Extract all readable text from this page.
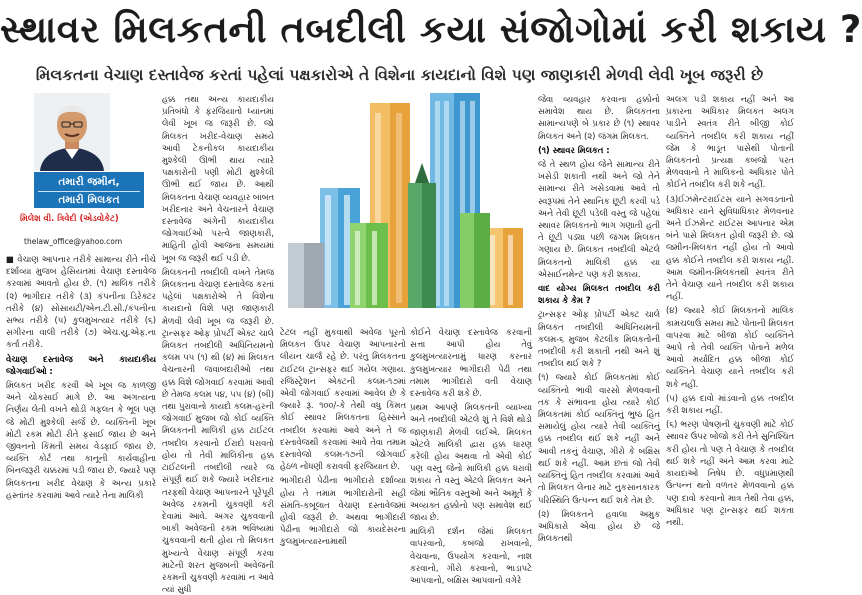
સ્થાવર મિલકતની તબદીલી કયા સંજોગોમાં કરી શકાય ?
મિલકતના વેચાણ દસ્તાવેજ કરતાં પહેલાં પક્ષકારોએ તે વિશેના કાયદાનો વિશે પણ જાણકારી મેળવી લેવી ખૂબ જરૂરી છે
તમારી જમીન,
તમારી મિલકત
મિલેશ વી. ત્રિવેદી (એડવોકેટ)
thelaw_office@yahoo.com

■ વેચાણ આપનાર તરીકે સામાન્ય રીતે નીચે દર્શાવ્યા મુજબ હેસિયતમાં વેચાણ દસ્તાવેજ કરવામાં આવતો હોય છે. (૧) માલિક તરીકે (૨) ભાગીદાર તરીકે (૩) કંપનીના ડિરેક્ટર તરીકે (૪) સોસાયટી/એન.ટી.સી./કંપનીના સભ્ય તરીકે (૫) કુલમુખત્યાર તરીકે (૬) સગીરના વાલી તરીકે (૭) એચ.યુ.એફ.ના કર્તા તરીકે.

વેચાણ દસ્તાવેજ અને કાયદાકીય જોગવાઈઓ :

મિલકત ખરીદ કરવી એ ખૂબ જ કાળજી અને ચોકસાઈ માગે છે. આ અગત્યના નિર્ણય લેતી વખતે થોડી ગફલત કે ભૂલ પણ જે મોટી મુશ્કેલી સર્જે છે. વ્યક્તિની ખૂબ મોટી રકમ મોટી રીતે ફસાઈ જાય છે અને જીવનનો કિંમતી સમય વેડફાઈ જાય છે. વ્યક્તિ કોર્ટ તથા કાનૂની કાર્યવાહીના બિનજરૂરી ચક્કરમાં પડી જાય છે. જ્યારે પણ મિલકતના ખરીદ વેચાણ કે અન્ય પ્રકારે હસ્તાંતર કરવામાં આવે ત્યારે તેના માલિકી

હક્ક તથા અન્ય કાયદાકીય પ્રતિબંધો કે ફરજિયાતો ધ્યાનમાં લેવી ખૂબ જ જરૂરી છે. જો મિલકત ખરીદ-વેચાણ સમયે આવી ટેકનીકલ કાયદાકીય મુશ્કેલી ઊભી થાય ત્યારે પક્ષકારોની પણી મોટી મુશ્કેલી ઊભી થઈ જાય છે. આથી મિલકતના વેચાણ વ્યવહાર બાબત ખરીદનાર અને વેચનારને વેચાણ દસ્તાવેજ અંગેની કાયદાકીય જોગવાઈઓ પરત્વે જાણકારી, માહિતી હોવી આજના સમયમાં ખૂબ જ જરૂરી થઈ પડી છે.

મિલકતની તબદીલી વખતે તેમજ મિલકતના વેચાણ દસ્તાવેજ કરતાં પહેલાં પક્ષકારોએ તે વિશેના કાયદાનો વિશે પણ જાણકારી મેળવી લેવી ખૂબ જ જરૂરી છે. ટ્રાન્સફર ઓફ પ્રોપર્ટી એક્ટ ચાલે મિલકત તબદીલી અધિનિયમનો કલમ ૫૫ (૧) થી (૪) માં મિલકત વેચનારની જવાબદારીઓ તથા હક્ક વિશે જોગવાઈ કરવામાં આવી છે તેમજ કલમ ૫૪, ૫૫ (૪) (બી) તથા પુરાવાનો કાયદો કલમ-હરની જોગવાઈ મુજબ જો કોઈ વ્યક્તિ મિલકતની માલિકી હક્ક ટાઈટલ તબદીલ કરવાનો ઈરાદો ધરાવતો હોય તો તેવી માલિકીના હક્ક ટાઈટલની તબદીલી ત્યારે જ સંપૂર્ણ થઈ શકે જ્યારે ખરીદનાર તરફથી વેચાણ આપનારને પૂરેપૂરી અવેજ રકમની ચુકવણી કરી દેવામાં આવે. અગર ચુકવવાની બાકી અવેજની રકમ ભવિષ્યમાં ચુકવવાની થતી હોય તો મિલકત મુખ્યત્વે વેચાણ સંપૂર્ણ કરવા માટેની શરત મુજબની અવેજની રકમની ચુકવણી કરવામાં ન આવે ત્યાં સુધી

ટેટલ નહીં મુકવાથી અવેજ પૂરતો મિલકત ઉપર વેચાણ આપનારનો લીયન ચાર્જ રહે છે. પરંતુ મિલકતના ટાઈટલ ટ્રાન્સફર થઈ ગયેલ ગણાય. રજિસ્ટ્રેશન એક્ટની કલમ-૧૭માં એવી જોગવાઈ કરવામાં આવેલ છે કે જ્યારે રૂ. ૧૦૦/-કે તેથી વધુ કિંમત કોઈ સ્થાવર મિલકતના હિસ્સાને તબદીલ કરવામાં આવે અને તે જ દસ્તાવેજથી કરવામાં આવે તેવા તમામ દસ્તાવેજો કલમ-૧૭ની જોગવાઈ હેઠળ નોંધણી કરાવવી ફરજિયાત છે.

ભાગીદારી પેઢીના ભાગીદારો દર્શાવ્યા હોય તે તમામ ભાગીદારોની સહી સંમતિ-કબૂલાત વેચાણ દસ્તાવેજમાં હોવી જરૂરી છે. અથવા ભાગીદારી પેઢીના ભાગીદારો જો કાયદેસરના કુલમુખત્યારનામાથી

કોઈને વેચાણ દસ્તાવેજ કરવાની સત્તા આપી હોય તેવું કુલમુખત્યારનામું ધારણ કરનાર કુલમુખત્યાર ભાગીદારી પેઢી તથા તમામ ભાગીદારો વતી વેચાણ દસ્તાવેજ કરી શકે છે.

પ્રથમ આપણે મિલકતની વ્યાખ્યા અને તબદીલી એટલે શું તે વિશે થોડો જાણકારી મેળવી લઈએ. મિલકત એટલે માલિકી દ્વારા હક્ક ધારણ કરેલી હોય અથવા તો એવી કોઈ પણ વસ્તુ જેનો માલિકી હક્ક ધરાવી શકાય તે વસ્તુ એટલે મિલકત અને જેમાં ભૌતિક વસ્તુઓ અને અમૂર્ત કે અવ્યક્ત હક્કોનો પણ સમાવેશ થઈ જાય છે.

માલિકી દર્શન જેમાં મિલકત વાપરવાનો, કબજો રાખવાનો, વેચવાના, ઉપયોગ કરવાનો, નાશ કરવાનો, ગીરો કરવાનો, ભાડાપટે આપવાનો, બક્ષિસ આપવાનો વગેરે

જેવા વ્યવહાર કરવાના હક્કોનો સમાવેશ થાય છે. મિલકતના સામાન્યપણે બે પ્રકાર છે (૧) સ્થાવર મિલકત અને (૨) જંગમ મિલકત.

(૧) સ્થાવર મિલકત :

જે તે સ્થળ હોય જેને સામાન્ય રીતે ખસેડી શકાતી નથી અને જો તેને સામાન્ય રીતે ખસેડવામાં આવે તો સ્વરૂપમાં તેને સ્થાનિક છૂટી કરવી પડે અને તેવી છૂટી પડેલી વસ્તુ જે પહેલાં સ્થાવર મિલકતનો ભાગ ગણાતી હતી તે છૂટી પડ્યા પછી જંગમ મિલકત ગણાય છે. મિલકત તબદીલી એટલે મિલકતનો માલિકી હક્ક યા એસાઈનમેન્ટ પણ કરી શકાય.

વાદ યોગ્ય મિલકત તબદીલ કરી શકાય કે કેમ ?

ટ્રાન્સફર ઓફ પ્રોપર્ટી એક્ટ ચાલે મિલકત તબદીલી અધિનિયમની કલમ-૬ મુજબ કેટલીક મિલકતોની તબદીલી કરી શકાતી નથી અને શું તબદીલ થઈ શકે ?

(૧) જ્યારે કોઈ મિલકતમાં કોઈ વ્યક્તિનો ભાવી વારસો મેળવવાની તક કે સંભાવના હોય ત્યારે કોઈ મિલકતમાં કોઈ વ્યક્તિનું ભુષ્ઠ હિત સમાયેલું હોય ત્યારે તેવી વ્યક્તિનું હક્ક તબદીલ થઈ શકે નહીં અને આવી તકનું વેચાણ, ગીરો કે બક્ષિસ થઈ શકે નહીં. આમ છતાં જો તેવી વ્યક્તિનું હિત તબદીલ કરવામાં આવે તો મિલકત લેનાર માટે નુકસાનકારક પરિસ્થિતિ ઉત્પન્ન થઈ શકે તેમ છે.

(૨) મિલકતને હવાલા અમુક અધિકારો એવા હોય છે જે મિલકતથી

અલગ પડી શકાય નહીં અને આ પ્રકારના અધિકાર મિલકત અલગ પાડીને સ્વતંત્ર રીતે બીજી કોઈ વ્યક્તિને તબદીલ કરી શકાય નહીં જેમ કે ભાડૂત પાસેથી પોતાની મિલકતનો પ્રત્યક્ષ કબજો પરત મેળવવાનો તે માલિકનો અધિકાર પોતે કોઈને તબદીલ કરી શકે નહીં.

(૩)ઈઝમેન્ટરાઈટસ યાને સગવડતાનો અધિકાર યાને સુવિધાધિકાર મેળવનાર અને ઈઝમેન્ટ રાઈટસ આપનાર એમ બંને પાસે મિલકત હોવી જરૂરી છે. જો જમીન-મિલકત નહીં હોય તો આવો હક્ક કોઈને તબદીલ કરી શકાય નહીં. આમ જમીન-મિલકતથી સ્વતંત્ર રીતે તેને વેચાણ યાને તબદીલ કરી શકાય નહીં.

(૪) જ્યારે કોઈ મિલકતનો માલિક કામચલાઉ સમય માટે પોતાની મિલકત વાપરવા માટે બીજા કોઈ વ્યક્તિને આપે તો તેવી વ્યક્તિ પોતાને મળેલ આવો મર્યાદિત હક્ક બીજા કોઈ વ્યક્તિને વેચાણ યાને તબદીલ કરી શકે નહીં.

(૫) હક્ક દાવો માંડવાનો હક્ક તબદીલ કરી શકાય નહીં.

(૬) ભરણ પોષણની ચુકવણી માટે કોઈ સ્થાવર ઉપર બોજો કરી તેને સુનિશ્ચિત કરી હોય તો પણ તે વેચાણ કે તબદીલ થઈ શકે નહીં અને આમ કરવા માટે કાયદાઓ નિષેધ છે. વધુપ્રમાણથી ઉત્પન્ન થતો વળતર મેળવવાનો હક્ક પણ દાવો કરવાનો માત્ર તેથી તેવા હક્ક, અધિકાર પણ ટ્રાન્સફર થઈ શકતા નથી.
